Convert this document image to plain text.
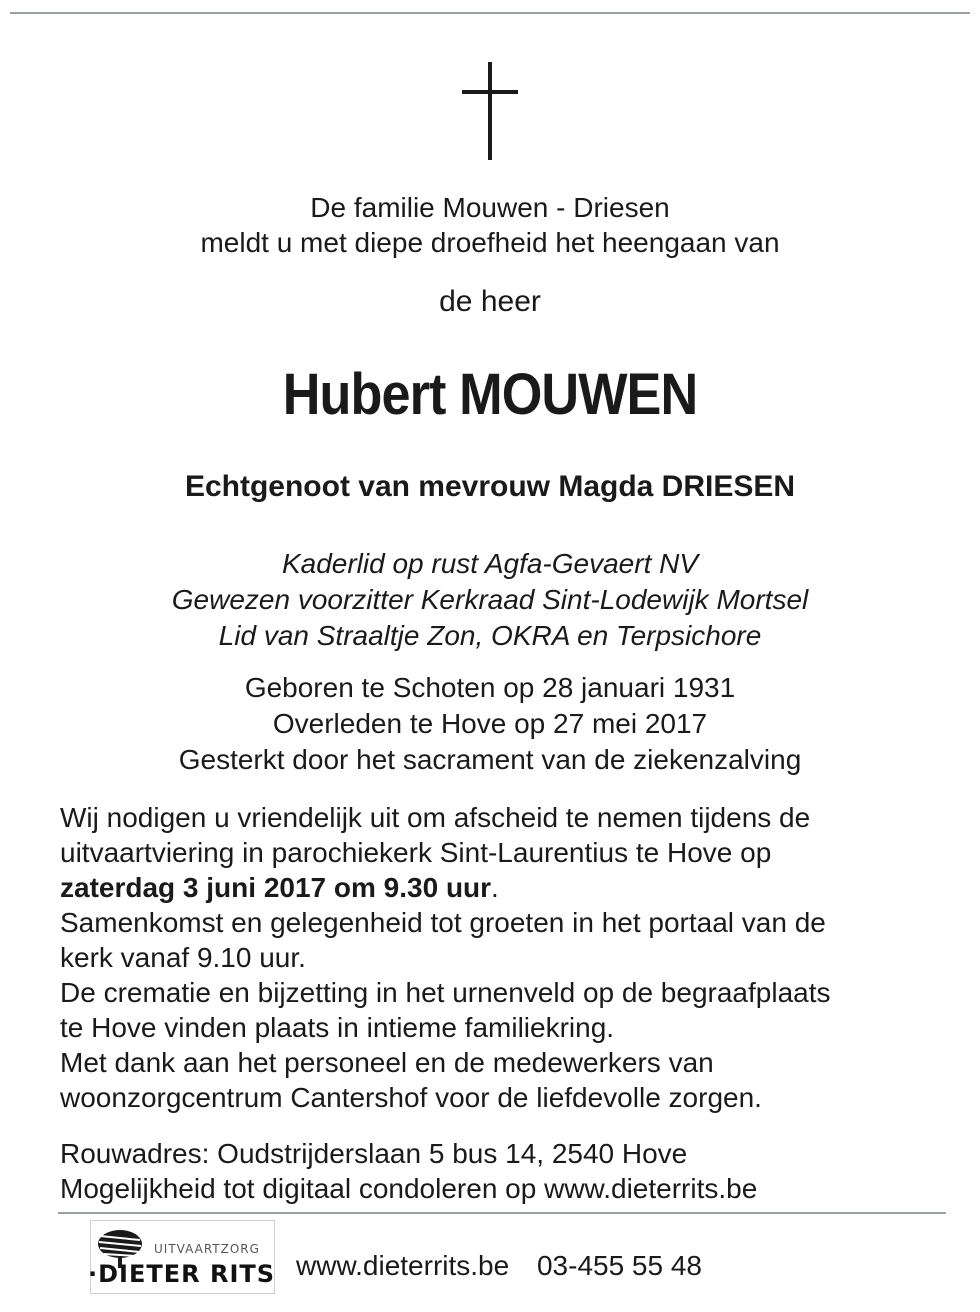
De familie Mouwen - Driesen
meldt u met diepe droefheid het heengaan van
de heer
Hubert MOUWEN
Echtgenoot van mevrouw Magda DRIESEN
Kaderlid op rust Agfa-Gevaert NV
Gewezen voorzitter Kerkraad Sint-Lodewijk Mortsel
Lid van Straaltje Zon, OKRA en Terpsichore
Geboren te Schoten op 28 januari 1931
Overleden te Hove op 27 mei 2017
Gesterkt door het sacrament van de ziekenzalving
Wij nodigen u vriendelijk uit om afscheid te nemen tijdens de
uitvaartviering in parochiekerk Sint-Laurentius te Hove op
zaterdag 3 juni 2017 om 9.30 uur.
Samenkomst en gelegenheid tot groeten in het portaal van de
kerk vanaf 9.10 uur.
De crematie en bijzetting in het urnenveld op de begraafplaats
te Hove vinden plaats in intieme familiekring.
Met dank aan het personeel en de medewerkers van
woonzorgcentrum Cantershof voor de liefdevolle zorgen.
Rouwadres: Oudstrijderslaan 5 bus 14, 2540 Hove
Mogelijkheid tot digitaal condoleren op www.dieterrits.be
UITVAARTZORG
·DIETER RITS www.dieterrits.be 03-455 55 48
